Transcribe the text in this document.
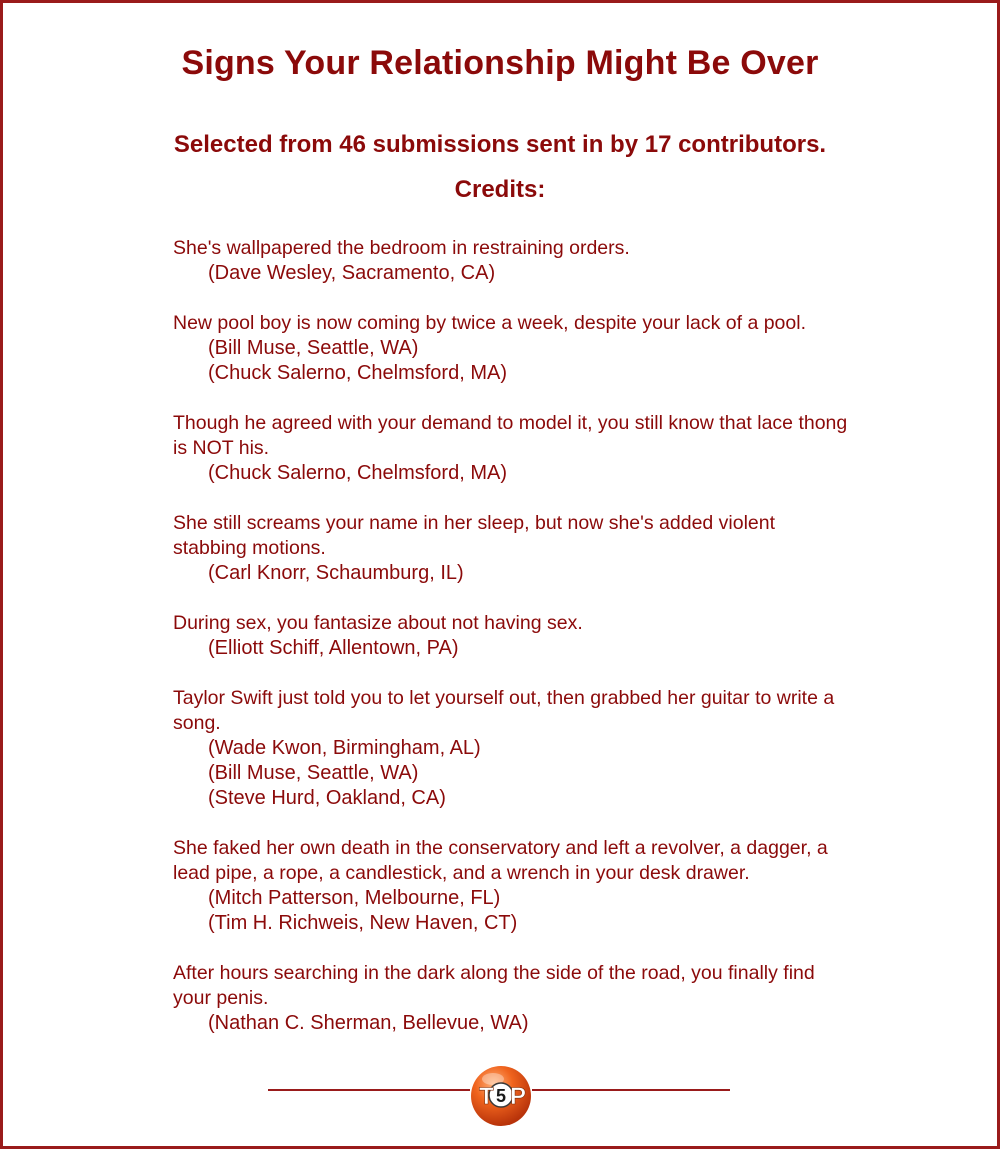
Signs Your Relationship Might Be Over
Selected from 46 submissions sent in by 17 contributors.
Credits:
She's wallpapered the bedroom in restraining orders.
(Dave Wesley, Sacramento, CA)
New pool boy is now coming by twice a week, despite your lack of a pool.
(Bill Muse, Seattle, WA)
(Chuck Salerno, Chelmsford, MA)
Though he agreed with your demand to model it, you still know that lace thong is NOT his.
(Chuck Salerno, Chelmsford, MA)
She still screams your name in her sleep, but now she's added violent stabbing motions.
(Carl Knorr, Schaumburg, IL)
During sex, you fantasize about not having sex.
(Elliott Schiff, Allentown, PA)
Taylor Swift just told you to let yourself out, then grabbed her guitar to write a song.
(Wade Kwon, Birmingham, AL)
(Bill Muse, Seattle, WA)
(Steve Hurd, Oakland, CA)
She faked her own death in the conservatory and left a revolver, a dagger, a lead pipe, a rope, a candlestick, and a wrench in your desk drawer.
(Mitch Patterson, Melbourne, FL)
(Tim H. Richweis, New Haven, CT)
After hours searching in the dark along the side of the road, you finally find your penis.
(Nathan C. Sherman, Bellevue, WA)
T 5 P
